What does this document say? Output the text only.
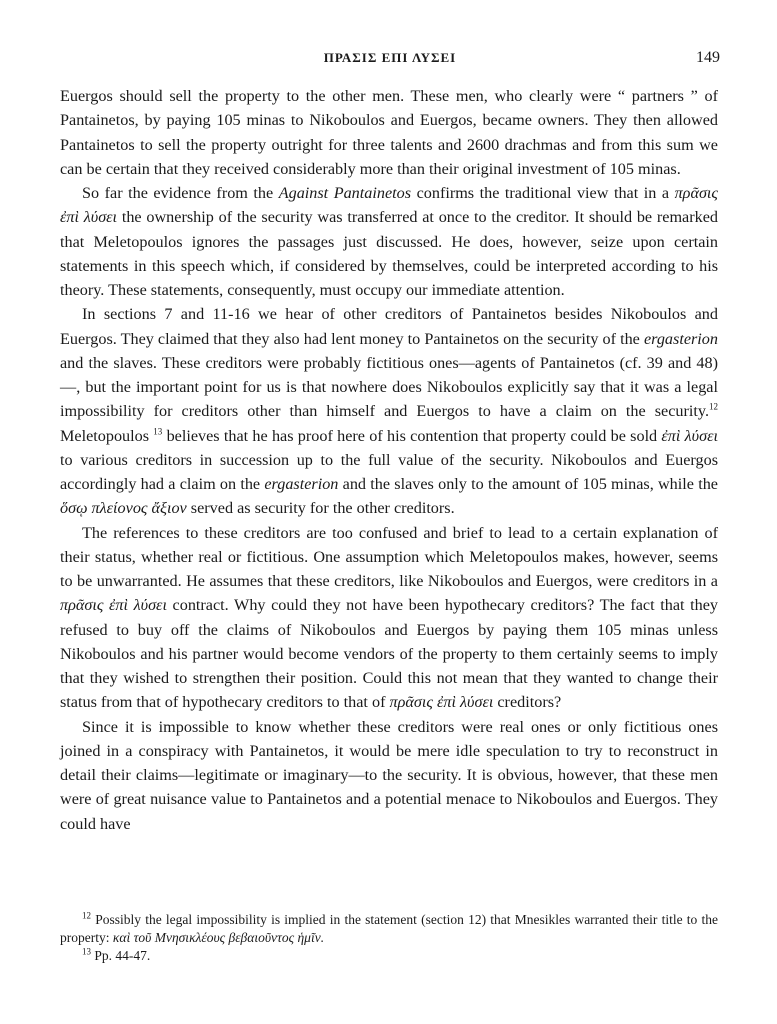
ΠΡΑΣΙΣ ΕΠΙ ΛΥΣΕΙ	149

Euergos should sell the property to the other men. These men, who clearly were “ partners ” of Pantainetos, by paying 105 minas to Nikoboulos and Euergos, became owners. They then allowed Pantainetos to sell the property outright for three talents and 2600 drachmas and from this sum we can be certain that they received considerably more than their original investment of 105 minas.

So far the evidence from the Against Pantainetos confirms the traditional view that in a πρᾶσις ἐπὶ λύσει the ownership of the security was transferred at once to the creditor. It should be remarked that Meletopoulos ignores the passages just discussed. He does, however, seize upon certain statements in this speech which, if considered by themselves, could be interpreted according to his theory. These statements, consequently, must occupy our immediate attention.

In sections 7 and 11-16 we hear of other creditors of Pantainetos besides Nikoboulos and Euergos. They claimed that they also had lent money to Pantainetos on the security of the ergasterion and the slaves. These creditors were probably fictitious ones—agents of Pantainetos (cf. 39 and 48)—, but the important point for us is that nowhere does Nikoboulos explicitly say that it was a legal impossibility for creditors other than himself and Euergos to have a claim on the security.$^{12}$ Meletopoulos $^{13}$ believes that he has proof here of his contention that property could be sold ἐπὶ λύσει to various creditors in succession up to the full value of the security. Nikoboulos and Euergos accordingly had a claim on the ergasterion and the slaves only to the amount of 105 minas, while the ὅσῳ πλείονος ἄξιον served as security for the other creditors.

The references to these creditors are too confused and brief to lead to a certain explanation of their status, whether real or fictitious. One assumption which Meletopoulos makes, however, seems to be unwarranted. He assumes that these creditors, like Nikoboulos and Euergos, were creditors in a πρᾶσις ἐπὶ λύσει contract. Why could they not have been hypothecary creditors? The fact that they refused to buy off the claims of Nikoboulos and Euergos by paying them 105 minas unless Nikoboulos and his partner would become vendors of the property to them certainly seems to imply that they wished to strengthen their position. Could this not mean that they wanted to change their status from that of hypothecary creditors to that of πρᾶσις ἐπὶ λύσει creditors?

Since it is impossible to know whether these creditors were real ones or only fictitious ones joined in a conspiracy with Pantainetos, it would be mere idle speculation to try to reconstruct in detail their claims—legitimate or imaginary—to the security. It is obvious, however, that these men were of great nuisance value to Pantainetos and a potential menace to Nikoboulos and Euergos. They could have

$^{12}$ Possibly the legal impossibility is implied in the statement (section 12) that Mnesikles warranted their title to the property: καὶ τοῦ Μνησικλέους βεβαιοῦντος ἡμῖν.

$^{13}$ Pp. 44-47.
